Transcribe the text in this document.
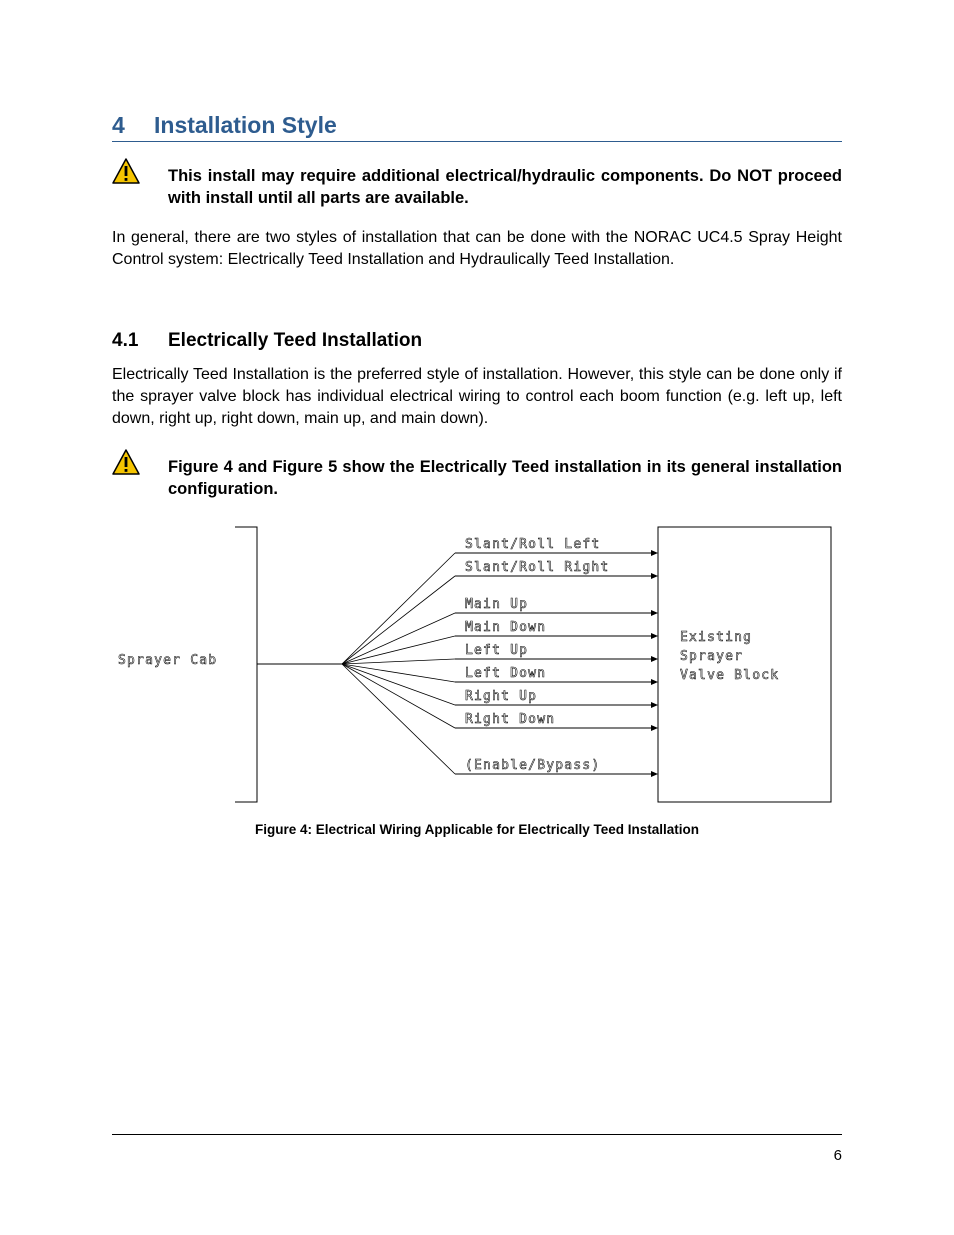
4 Installation Style
This install may require additional electrical/hydraulic components. Do NOT proceed with install until all parts are available.
In general, there are two styles of installation that can be done with the NORAC UC4.5 Spray Height Control system: Electrically Teed Installation and Hydraulically Teed Installation.
4.1 Electrically Teed Installation
Electrically Teed Installation is the preferred style of installation. However, this style can be done only if the sprayer valve block has individual electrical wiring to control each boom function (e.g. left up, left down, right up, right down, main up, and main down).
Figure 4 and Figure 5 show the Electrically Teed installation in its general installation configuration.
Sprayer Cab
Existing
Sprayer
Valve Block
Slant/Roll Left
Slant/Roll Right
Main Up
Main Down
Left Up
Left Down
Right Up
Right Down
(Enable/Bypass)
Figure 4: Electrical Wiring Applicable for Electrically Teed Installation
6
